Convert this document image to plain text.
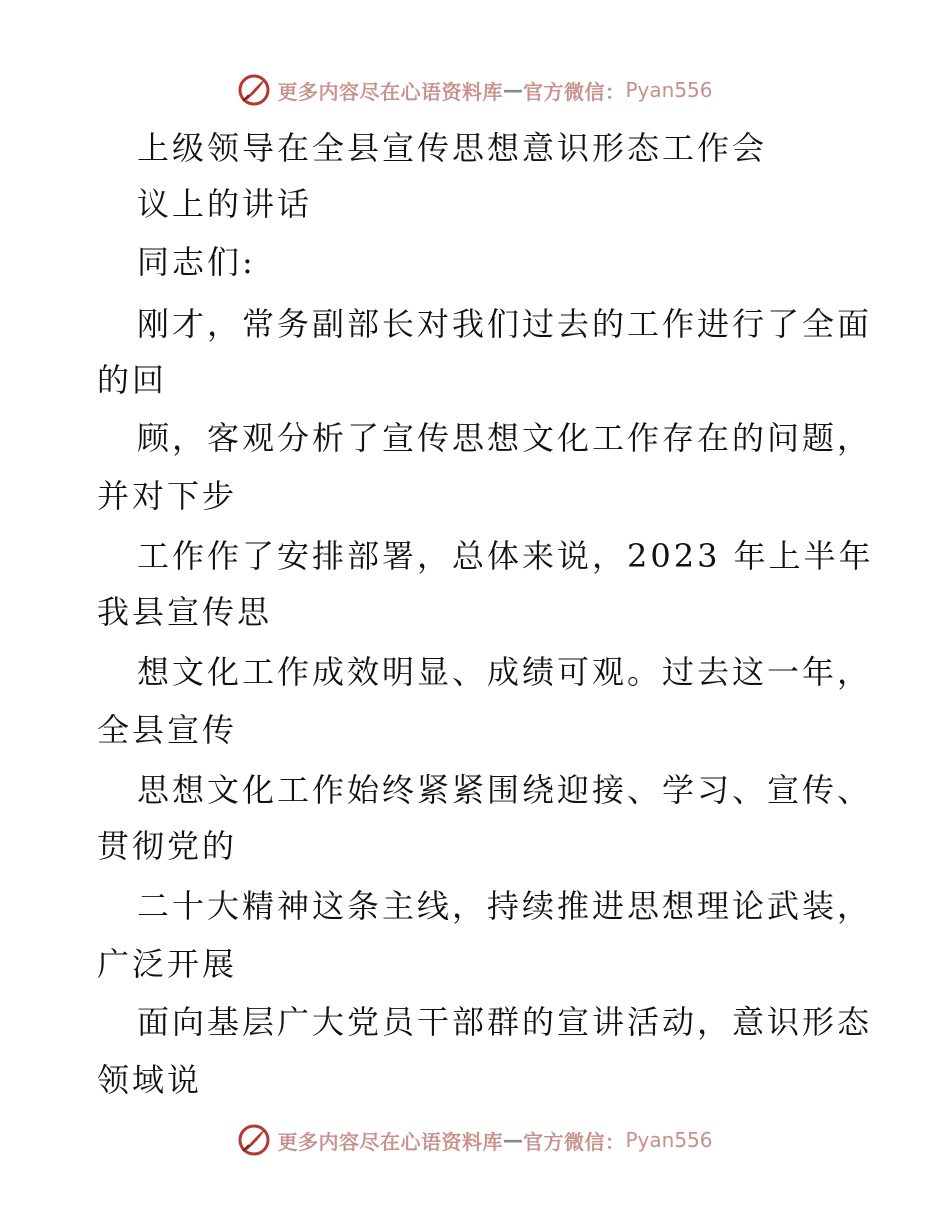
更多内容尽在心语资料库 — 官方微信： Pyan556
上级领导在全县宣传思想意识形态工作会
议上的讲话
同志们:
刚才，常务副部长对我们过去的工作进行了全面
的回
顾，客观分析了宣传思想文化工作存在的问题，
并对下步
工作作了安排部署，总体来说，2023 年上半年
我县宣传思
想文化工作成效明显、成绩可观。过去这一年，
全县宣传
思想文化工作始终紧紧围绕迎接、学习、宣传、
贯彻党的
二十大精神这条主线，持续推进思想理论武装，
广泛开展
面向基层广大党员干部群的宣讲活动，意识形态
领域说
更多内容尽在心语资料库 — 官方微信： Pyan556
